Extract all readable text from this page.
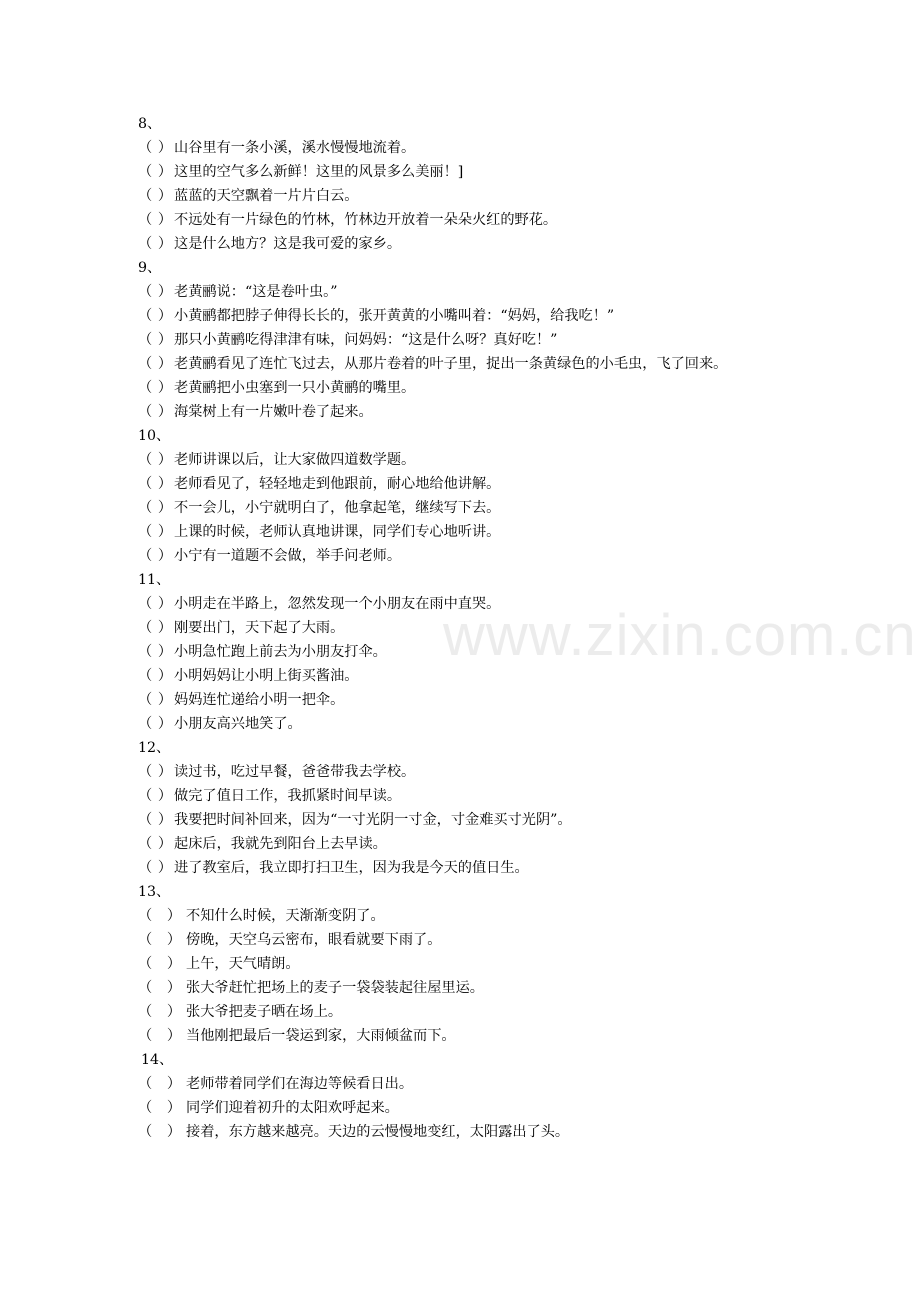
8、
（ ） 山谷里有一条小溪，溪水慢慢地流着。
（ ） 这里的空气多么新鲜！这里的风景多么美丽！]
（ ） 蓝蓝的天空飘着一片片白云。
（ ） 不远处有一片绿色的竹林，竹林边开放着一朵朵火红的野花。
（ ） 这是什么地方？这是我可爱的家乡。
9、
（ ） 老黄鹂说：“这是卷叶虫。”
（ ） 小黄鹂都把脖子伸得长长的，张开黄黄的小嘴叫着：“妈妈，给我吃！”
（ ） 那只小黄鹂吃得津津有味，问妈妈：“这是什么呀？真好吃！”
（ ） 老黄鹂看见了连忙飞过去，从那片卷着的叶子里，捉出一条黄绿色的小毛虫，飞了回来。
（ ） 老黄鹂把小虫塞到一只小黄鹂的嘴里。
（ ） 海棠树上有一片嫩叶卷了起来。
10、
（ ） 老师讲课以后，让大家做四道数学题。
（ ） 老师看见了，轻轻地走到他跟前，耐心地给他讲解。
（ ） 不一会儿，小宁就明白了，他拿起笔，继续写下去。
（ ） 上课的时候，老师认真地讲课，同学们专心地听讲。
（ ） 小宁有一道题不会做，举手问老师。
11、
（ ） 小明走在半路上，忽然发现一个小朋友在雨中直哭。
（ ） 刚要出门，天下起了大雨。
（ ） 小明急忙跑上前去为小朋友打伞。
（ ） 小明妈妈让小明上街买酱油。
（ ） 妈妈连忙递给小明一把伞。
（ ） 小朋友高兴地笑了。
12、
（ ） 读过书，吃过早餐，爸爸带我去学校。
（ ） 做完了值日工作，我抓紧时间早读。
（ ） 我要把时间补回来，因为“一寸光阴一寸金，寸金难买寸光阴”。
（ ） 起床后，我就先到阳台上去早读。
（ ） 进了教室后，我立即打扫卫生，因为我是今天的值日生。
13、
（	） 不知什么时候，天渐渐变阴了。
（	） 傍晚，天空乌云密布，眼看就要下雨了。
（	） 上午，天气晴朗。
（	） 张大爷赶忙把场上的麦子一袋袋装起往屋里运。
（	） 张大爷把麦子晒在场上。
（	） 当他刚把最后一袋运到家，大雨倾盆而下。
14、
（	） 老师带着同学们在海边等候看日出。
（	） 同学们迎着初升的太阳欢呼起来。
（	） 接着，东方越来越亮。天边的云慢慢地变红，太阳露出了头。
www.zixin.com.cn
